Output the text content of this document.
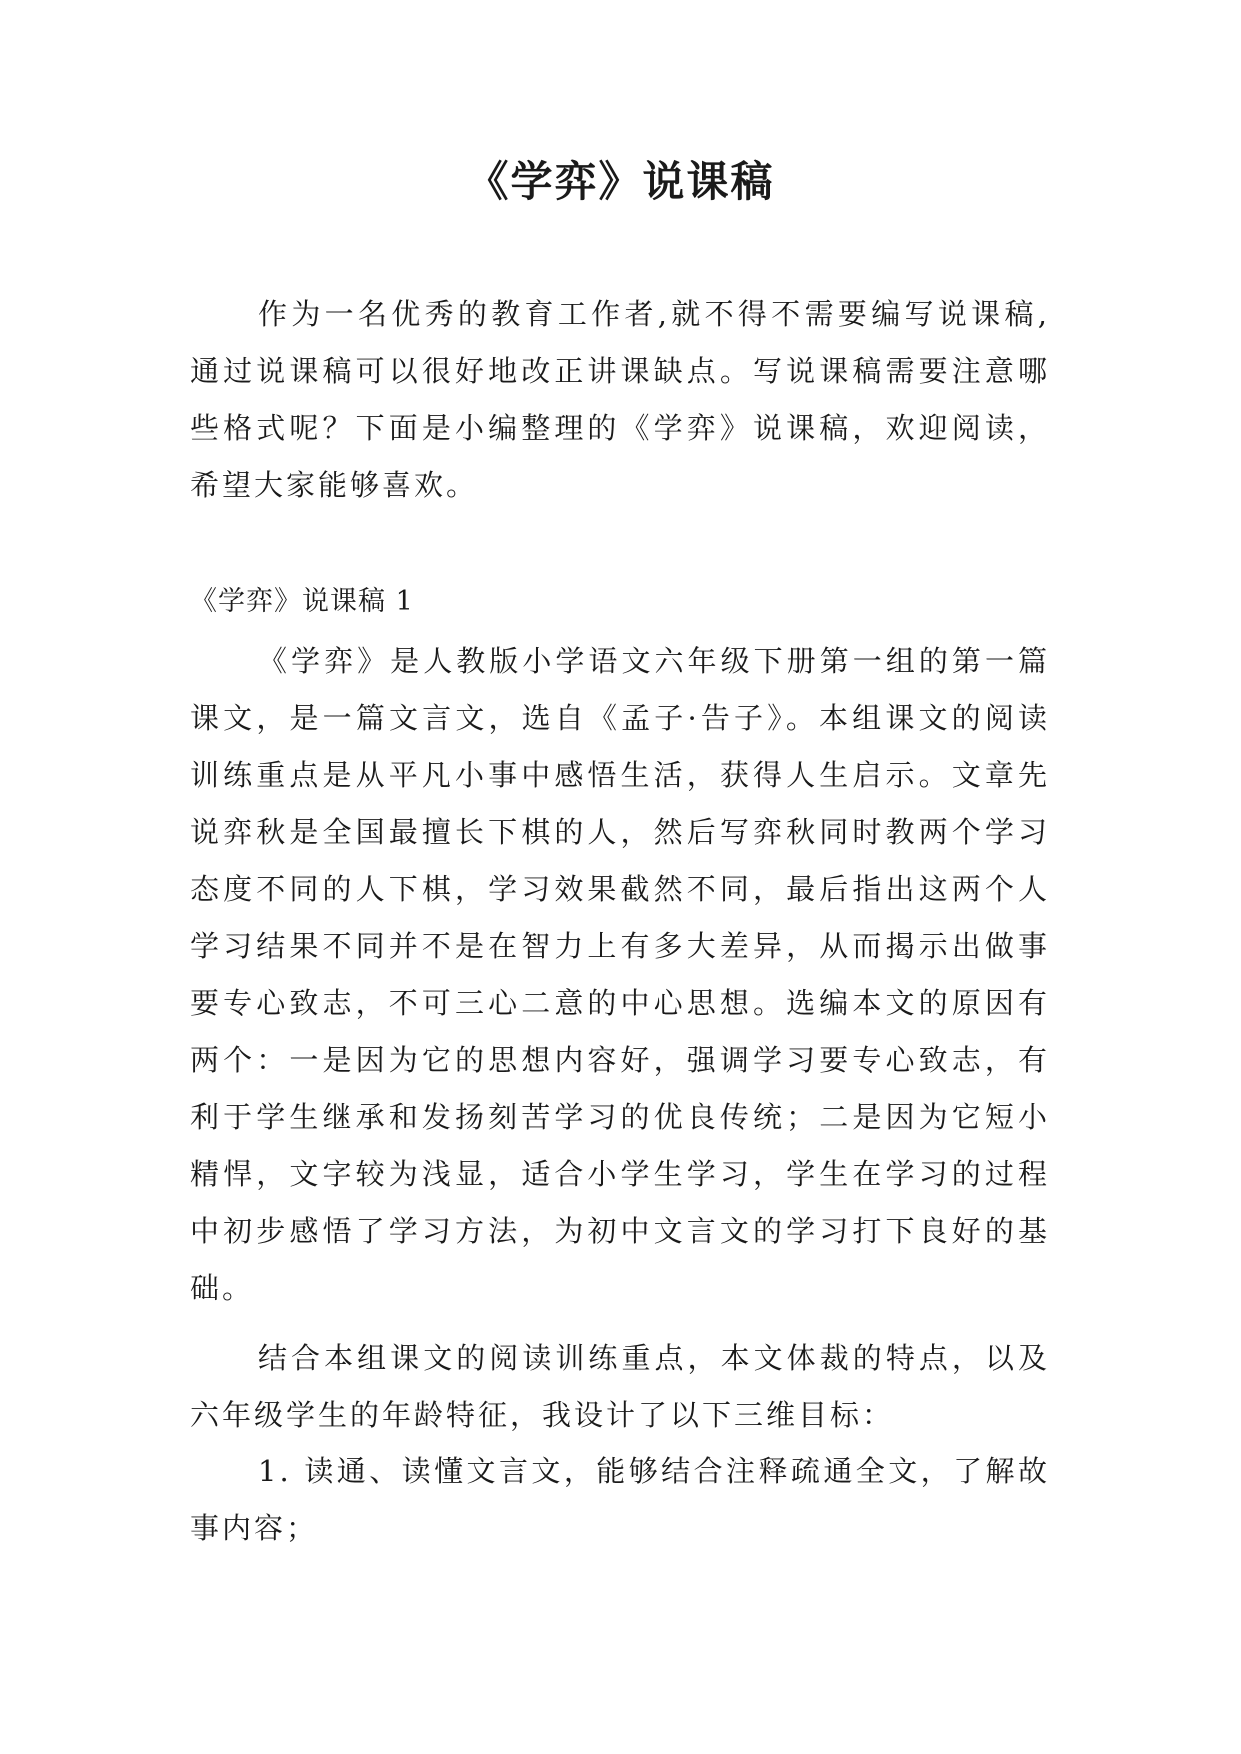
《学弈》说课稿

作为一名优秀的教育工作者,就不得不需要编写说课稿,通过说课稿可以很好地改正讲课缺点。写说课稿需要注意哪些格式呢？下面是小编整理的《学弈》说课稿，欢迎阅读，希望大家能够喜欢。

《学弈》说课稿 1

《学弈》是人教版小学语文六年级下册第一组的第一篇课文，是一篇文言文，选自《孟子·告子》。本组课文的阅读训练重点是从平凡小事中感悟生活，获得人生启示。文章先说弈秋是全国最擅长下棋的人，然后写弈秋同时教两个学习态度不同的人下棋，学习效果截然不同，最后指出这两个人学习结果不同并不是在智力上有多大差异，从而揭示出做事要专心致志，不可三心二意的中心思想。选编本文的原因有两个：一是因为它的思想内容好，强调学习要专心致志，有利于学生继承和发扬刻苦学习的优良传统；二是因为它短小精悍，文字较为浅显，适合小学生学习，学生在学习的过程中初步感悟了学习方法，为初中文言文的学习打下良好的基础。

结合本组课文的阅读训练重点，本文体裁的特点，以及六年级学生的年龄特征，我设计了以下三维目标：

1. 读通、读懂文言文，能够结合注释疏通全文，了解故事内容；
